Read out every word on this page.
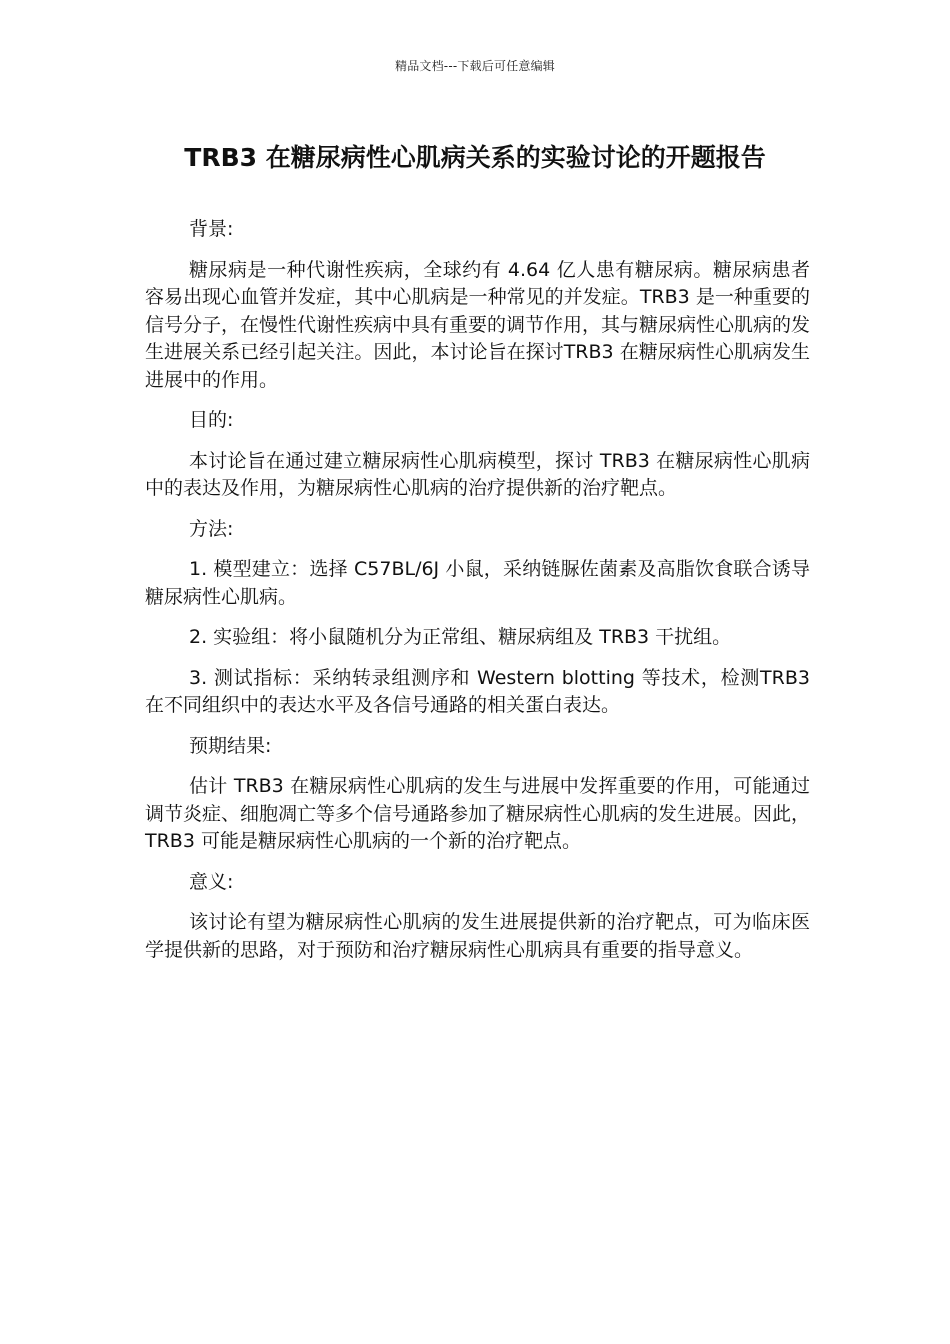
精品文档---下载后可任意编辑
TRB3 在糖尿病性心肌病关系的实验讨论的开题报告

背景:

糖尿病是一种代谢性疾病，全球约有 4.64 亿人患有糖尿病。糖尿病患者容易出现心血管并发症，其中心肌病是一种常见的并发症。TRB3 是一种重要的信号分子，在慢性代谢性疾病中具有重要的调节作用，其与糖尿病性心肌病的发生进展关系已经引起关注。因此，本讨论旨在探讨TRB3 在糖尿病性心肌病发生进展中的作用。

目的:

本讨论旨在通过建立糖尿病性心肌病模型，探讨 TRB3 在糖尿病性心肌病中的表达及作用，为糖尿病性心肌病的治疗提供新的治疗靶点。

方法:

1. 模型建立：选择 C57BL/6J 小鼠，采纳链脲佐菌素及高脂饮食联合诱导糖尿病性心肌病。

2. 实验组：将小鼠随机分为正常组、糖尿病组及 TRB3 干扰组。

3. 测试指标：采纳转录组测序和 Western blotting 等技术，检测TRB3 在不同组织中的表达水平及各信号通路的相关蛋白表达。

预期结果:

估计 TRB3 在糖尿病性心肌病的发生与进展中发挥重要的作用，可能通过调节炎症、细胞凋亡等多个信号通路参加了糖尿病性心肌病的发生进展。因此，TRB3 可能是糖尿病性心肌病的一个新的治疗靶点。

意义:

该讨论有望为糖尿病性心肌病的发生进展提供新的治疗靶点，可为临床医学提供新的思路，对于预防和治疗糖尿病性心肌病具有重要的指导意义。
